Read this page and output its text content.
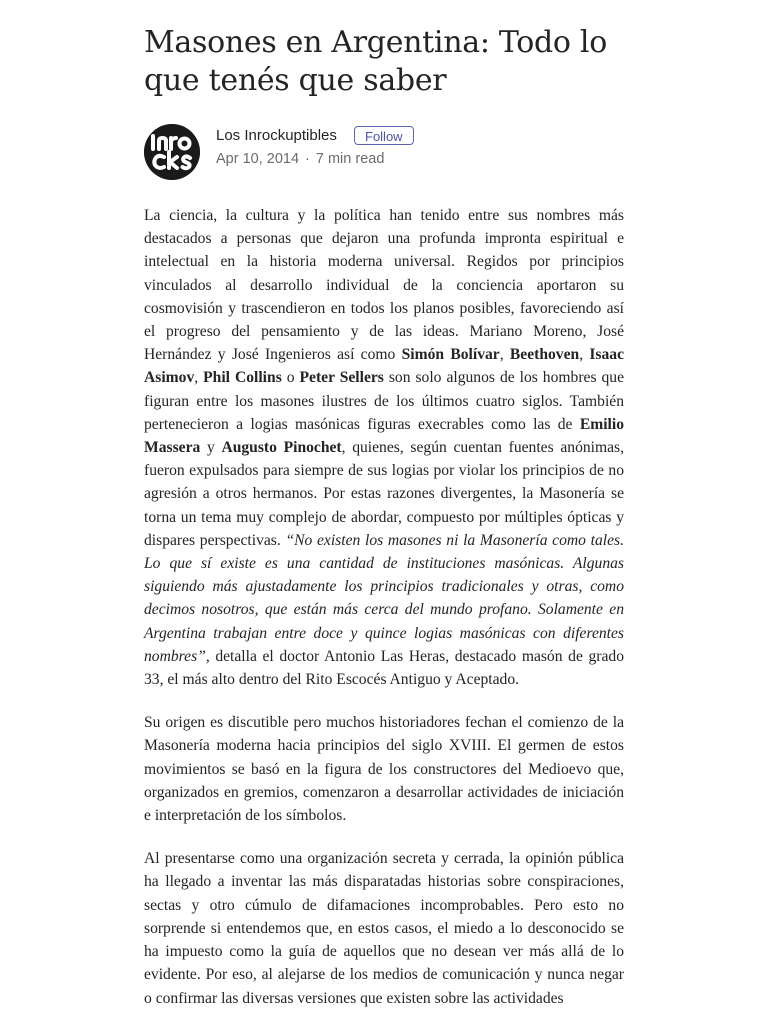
Masones en Argentina: Todo lo que tenés que saber
Los Inrockuptibles	Follow
Apr 10, 2014 · 7 min read

La ciencia, la cultura y la política han tenido entre sus nombres más destacados a personas que dejaron una profunda impronta espiritual e intelectual en la historia moderna universal. Regidos por principios vinculados al desarrollo individual de la conciencia aportaron su cosmovisión y trascendieron en todos los planos posibles, favoreciendo así el progreso del pensamiento y de las ideas. Mariano Moreno, José Hernández y José Ingenieros así como Simón Bolívar, Beethoven, Isaac Asimov, Phil Collins o Peter Sellers son solo algunos de los hombres que figuran entre los masones ilustres de los últimos cuatro siglos. También pertenecieron a logias masónicas figuras execrables como las de Emilio Massera y Augusto Pinochet, quienes, según cuentan fuentes anónimas, fueron expulsados para siempre de sus logias por violar los principios de no agresión a otros hermanos. Por estas razones divergentes, la Masonería se torna un tema muy complejo de abordar, compuesto por múltiples ópticas y dispares perspectivas. “No existen los masones ni la Masonería como tales. Lo que sí existe es una cantidad de instituciones masónicas. Algunas siguiendo más ajustadamente los principios tradicionales y otras, como decimos nosotros, que están más cerca del mundo profano. Solamente en Argentina trabajan entre doce y quince logias masónicas con diferentes nombres”, detalla el doctor Antonio Las Heras, destacado masón de grado 33, el más alto dentro del Rito Escocés Antiguo y Aceptado.

Su origen es discutible pero muchos historiadores fechan el comienzo de la Masonería moderna hacia principios del siglo XVIII. El germen de estos movimientos se basó en la figura de los constructores del Medioevo que, organizados en gremios, comenzaron a desarrollar actividades de iniciación e interpretación de los símbolos.

Al presentarse como una organización secreta y cerrada, la opinión pública ha llegado a inventar las más disparatadas historias sobre conspiraciones, sectas y otro cúmulo de difamaciones incomprobables. Pero esto no sorprende si entendemos que, en estos casos, el miedo a lo desconocido se ha impuesto como la guía de aquellos que no desean ver más allá de lo evidente. Por eso, al alejarse de los medios de comunicación y nunca negar o confirmar las diversas versiones que existen sobre las actividades
